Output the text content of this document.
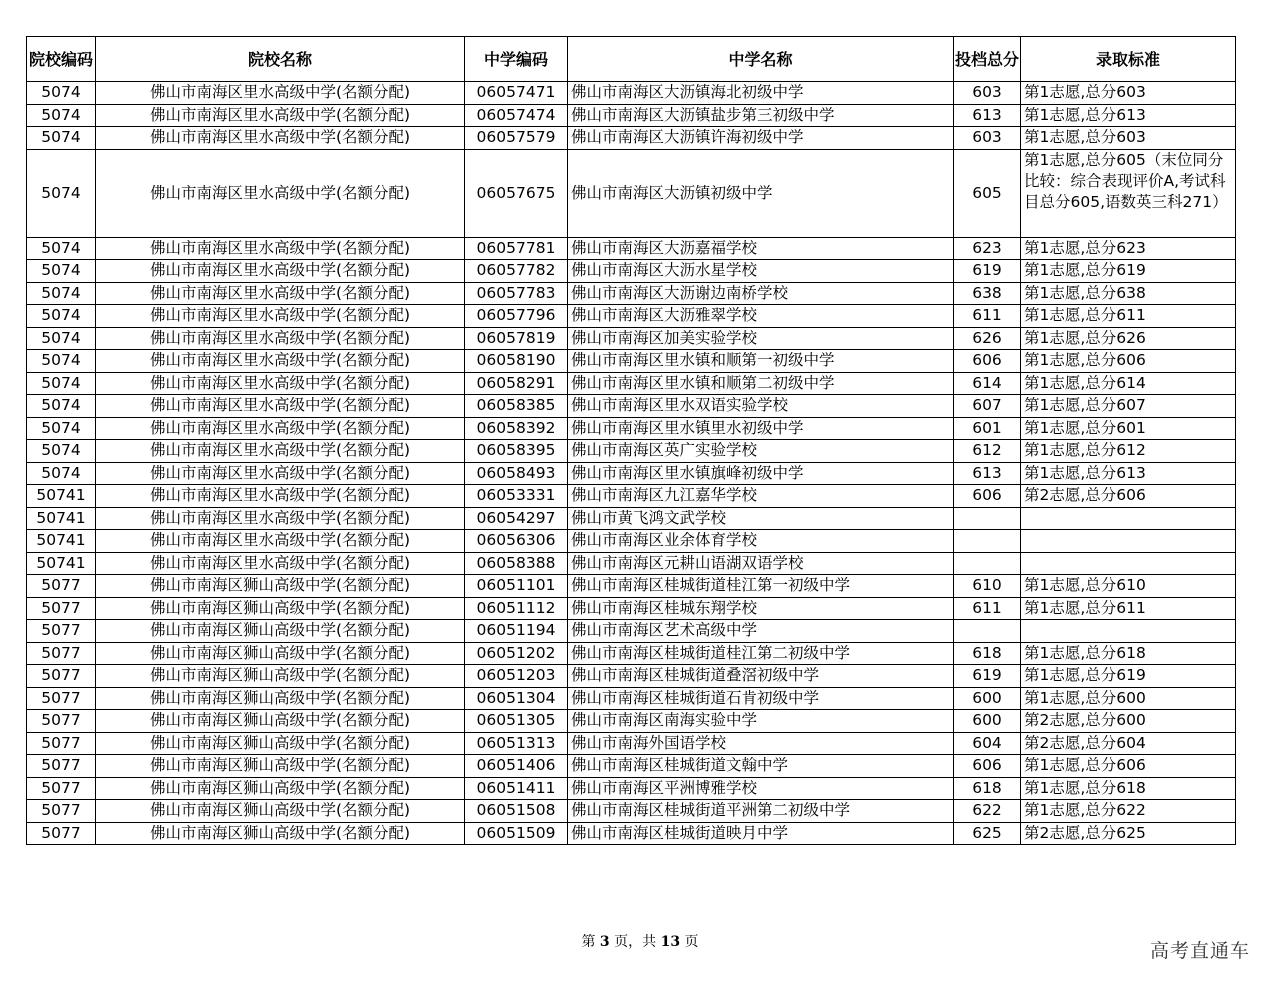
院校编码	院校名称	中学编码	中学名称	投档总分	录取标准
5074	佛山市南海区里水高级中学(名额分配)	06057471	佛山市南海区大沥镇海北初级中学	603	第1志愿,总分603
5074	佛山市南海区里水高级中学(名额分配)	06057474	佛山市南海区大沥镇盐步第三初级中学	613	第1志愿,总分613
5074	佛山市南海区里水高级中学(名额分配)	06057579	佛山市南海区大沥镇许海初级中学	603	第1志愿,总分603
5074	佛山市南海区里水高级中学(名额分配)	06057675	佛山市南海区大沥镇初级中学	605	第1志愿,总分605（末位同分比较：综合表现评价A,考试科目总分605,语数英三科271）
5074	佛山市南海区里水高级中学(名额分配)	06057781	佛山市南海区大沥嘉福学校	623	第1志愿,总分623
5074	佛山市南海区里水高级中学(名额分配)	06057782	佛山市南海区大沥水星学校	619	第1志愿,总分619
5074	佛山市南海区里水高级中学(名额分配)	06057783	佛山市南海区大沥谢边南桥学校	638	第1志愿,总分638
5074	佛山市南海区里水高级中学(名额分配)	06057796	佛山市南海区大沥雅翠学校	611	第1志愿,总分611
5074	佛山市南海区里水高级中学(名额分配)	06057819	佛山市南海区加美实验学校	626	第1志愿,总分626
5074	佛山市南海区里水高级中学(名额分配)	06058190	佛山市南海区里水镇和顺第一初级中学	606	第1志愿,总分606
5074	佛山市南海区里水高级中学(名额分配)	06058291	佛山市南海区里水镇和顺第二初级中学	614	第1志愿,总分614
5074	佛山市南海区里水高级中学(名额分配)	06058385	佛山市南海区里水双语实验学校	607	第1志愿,总分607
5074	佛山市南海区里水高级中学(名额分配)	06058392	佛山市南海区里水镇里水初级中学	601	第1志愿,总分601
5074	佛山市南海区里水高级中学(名额分配)	06058395	佛山市南海区英广实验学校	612	第1志愿,总分612
5074	佛山市南海区里水高级中学(名额分配)	06058493	佛山市南海区里水镇旗峰初级中学	613	第1志愿,总分613
50741	佛山市南海区里水高级中学(名额分配)	06053331	佛山市南海区九江嘉华学校	606	第2志愿,总分606
50741	佛山市南海区里水高级中学(名额分配)	06054297	佛山市黄飞鸿文武学校		
50741	佛山市南海区里水高级中学(名额分配)	06056306	佛山市南海区业余体育学校		
50741	佛山市南海区里水高级中学(名额分配)	06058388	佛山市南海区元耕山语湖双语学校		
5077	佛山市南海区狮山高级中学(名额分配)	06051101	佛山市南海区桂城街道桂江第一初级中学	610	第1志愿,总分610
5077	佛山市南海区狮山高级中学(名额分配)	06051112	佛山市南海区桂城东翔学校	611	第1志愿,总分611
5077	佛山市南海区狮山高级中学(名额分配)	06051194	佛山市南海区艺术高级中学		
5077	佛山市南海区狮山高级中学(名额分配)	06051202	佛山市南海区桂城街道桂江第二初级中学	618	第1志愿,总分618
5077	佛山市南海区狮山高级中学(名额分配)	06051203	佛山市南海区桂城街道叠滘初级中学	619	第1志愿,总分619
5077	佛山市南海区狮山高级中学(名额分配)	06051304	佛山市南海区桂城街道石肯初级中学	600	第1志愿,总分600
5077	佛山市南海区狮山高级中学(名额分配)	06051305	佛山市南海区南海实验中学	600	第2志愿,总分600
5077	佛山市南海区狮山高级中学(名额分配)	06051313	佛山市南海外国语学校	604	第2志愿,总分604
5077	佛山市南海区狮山高级中学(名额分配)	06051406	佛山市南海区桂城街道文翰中学	606	第1志愿,总分606
5077	佛山市南海区狮山高级中学(名额分配)	06051411	佛山市南海区平洲博雅学校	618	第1志愿,总分618
5077	佛山市南海区狮山高级中学(名额分配)	06051508	佛山市南海区桂城街道平洲第二初级中学	622	第1志愿,总分622
5077	佛山市南海区狮山高级中学(名额分配)	06051509	佛山市南海区桂城街道映月中学	625	第2志愿,总分625
第 3 页，共 13 页	高考直通车
